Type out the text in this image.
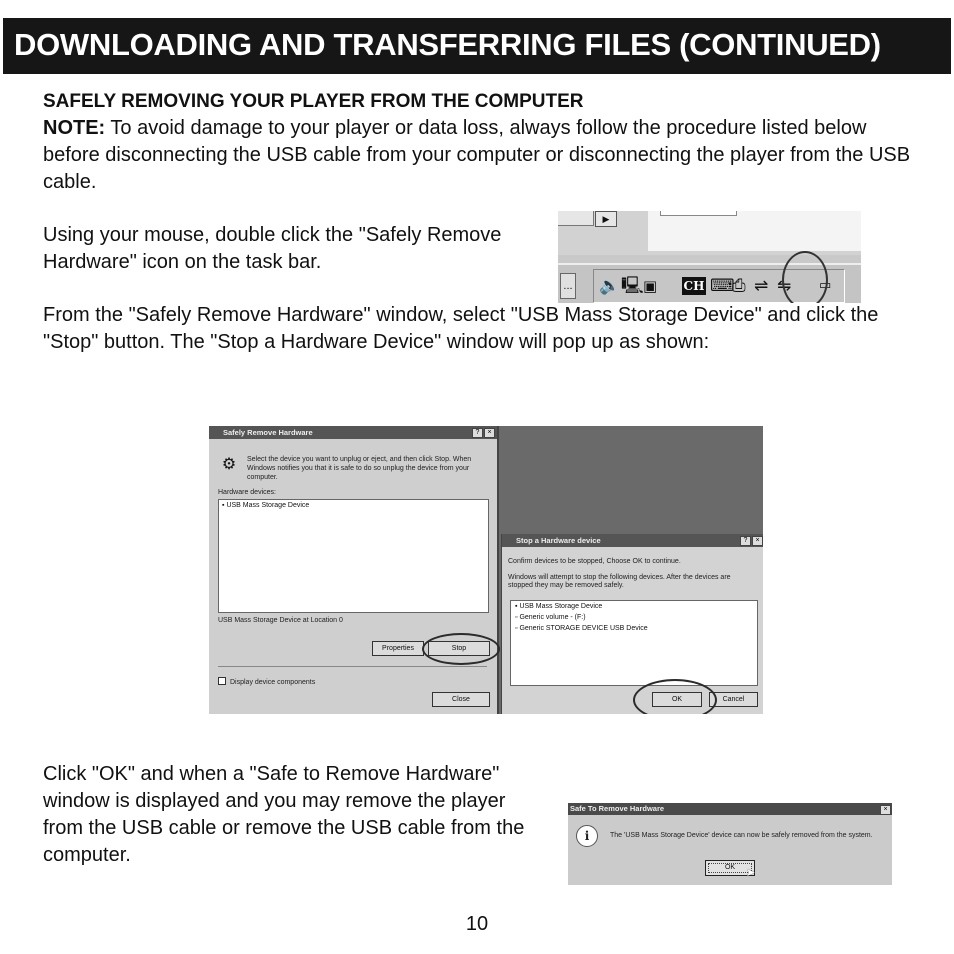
DOWNLOADING AND TRANSFERRING FILES (CONTINUED)

SAFELY REMOVING YOUR PLAYER FROM THE COMPUTER

NOTE: To avoid damage to your player or data loss, always follow the procedure listed below before disconnecting the USB cable from your computer or disconnecting the player from the USB cable.

Using your mouse, double click the "Safely Remove Hardware" icon on the task bar.

From the "Safely Remove Hardware" window, select "USB Mass Storage Device" and click the "Stop" button. The "Stop a Hardware Device" window will pop up as shown:

Click "OK" and when a "Safe to Remove Hardware" window is displayed and you may remove the player from the USB cable or remove the USB cable from the computer.

▶
... 🔈 🖳 ▣ CH ⌨
⎙ ⇌ ⇋ ▭
Safely Remove Hardware	?	×
⚙	Select the device you want to unplug or eject, and then click Stop. When Windows notifies you that it is safe to do so unplug the device from your computer.
Hardware devices:
▪ USB Mass Storage Device
USB Mass Storage Device at Location 0
Properties	Stop
Display device components
Close
Stop a Hardware device	?	×
Confirm devices to be stopped, Choose OK to continue.
Windows will attempt to stop the following devices. After the devices are stopped they may be removed safely.
▪ USB Mass Storage Device
▫ Generic volume - (F:)
▫ Generic STORAGE DEVICE USB Device
OK	Cancel
Safe To Remove Hardware	×
i	The 'USB Mass Storage Device' device can now be safely removed from the system.
OK ➤
10
